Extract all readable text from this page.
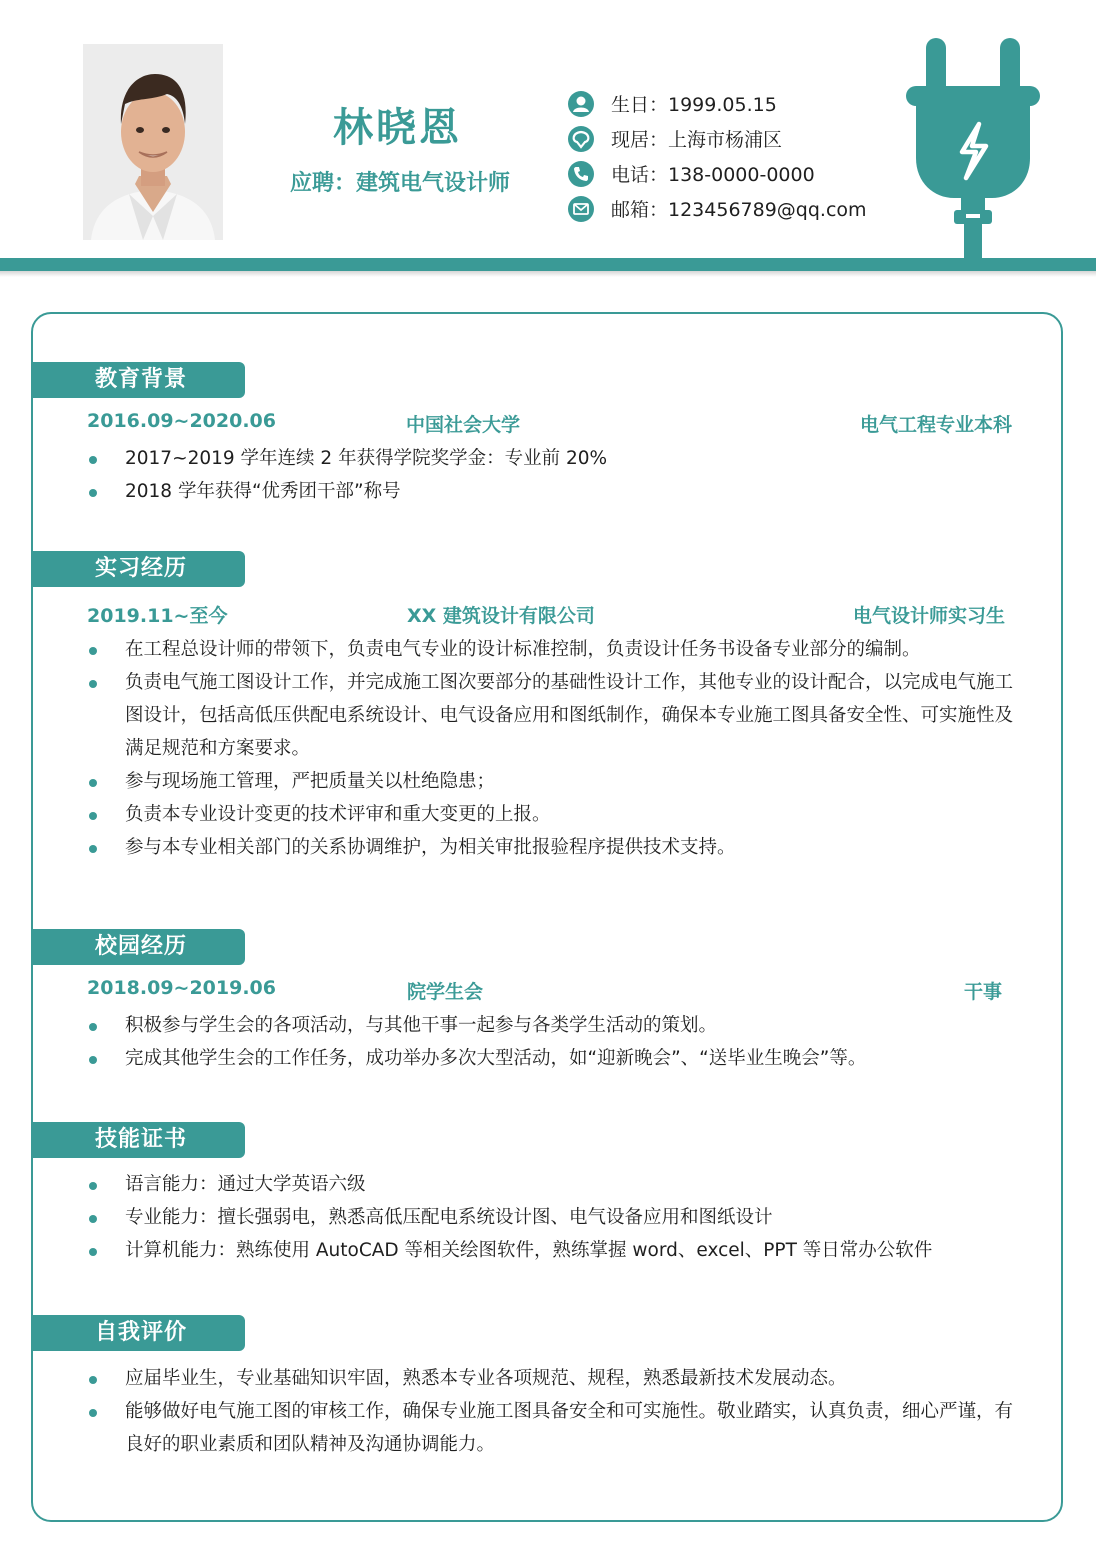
林晓恩
应聘：建筑电气设计师
生日：1999.05.15
现居：上海市杨浦区
电话：138-0000-0000
邮箱：123456789@qq.com
教育背景
2016.09~2020.06	中国社会大学	电气工程专业本科
2017~2019 学年连续 2 年获得学院奖学金：专业前 20%
2018 学年获得“优秀团干部”称号
实习经历
2019.11~至今	XX 建筑设计有限公司	电气设计师实习生
在工程总设计师的带领下，负责电气专业的设计标准控制，负责设计任务书设备专业部分的编制。
负责电气施工图设计工作，并完成施工图次要部分的基础性设计工作，其他专业的设计配合，以完成电气施工图设计，包括高低压供配电系统设计、电气设备应用和图纸制作，确保本专业施工图具备安全性、可实施性及满足规范和方案要求。
参与现场施工管理，严把质量关以杜绝隐患；
负责本专业设计变更的技术评审和重大变更的上报。
参与本专业相关部门的关系协调维护，为相关审批报验程序提供技术支持。
校园经历
2018.09~2019.06	院学生会	干事
积极参与学生会的各项活动，与其他干事一起参与各类学生活动的策划。
完成其他学生会的工作任务，成功举办多次大型活动，如“迎新晚会”、“送毕业生晚会”等。
技能证书
语言能力：通过大学英语六级
专业能力：擅长强弱电，熟悉高低压配电系统设计图、电气设备应用和图纸设计
计算机能力：熟练使用 AutoCAD 等相关绘图软件，熟练掌握 word、excel、PPT 等日常办公软件
自我评价
应届毕业生，专业基础知识牢固，熟悉本专业各项规范、规程，熟悉最新技术发展动态。
能够做好电气施工图的审核工作，确保专业施工图具备安全和可实施性。敬业踏实，认真负责，细心严谨，有良好的职业素质和团队精神及沟通协调能力。
